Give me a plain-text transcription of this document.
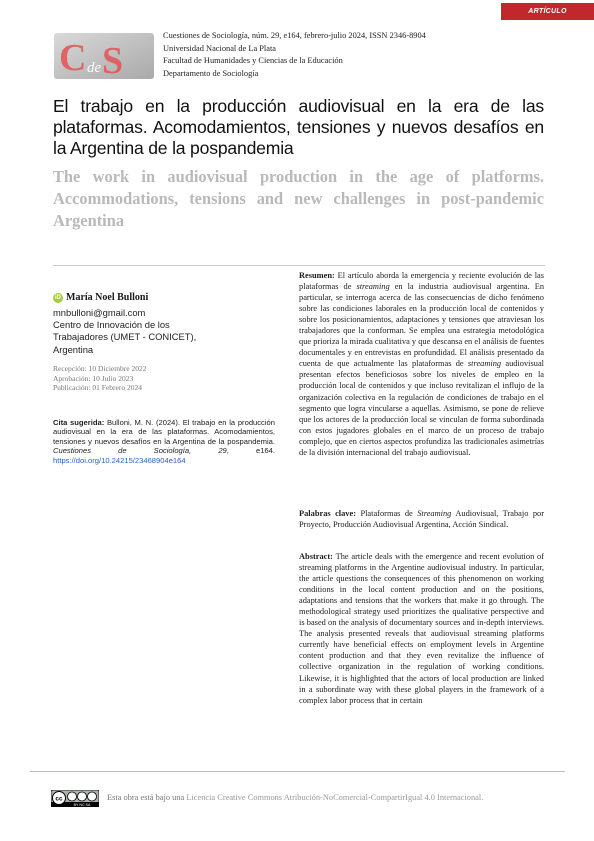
ARTÍCULO
C S
de
Cuestiones de Sociología, núm. 29, e164, febrero-julio 2024, ISSN 2346-8904
Universidad Nacional de La Plata
Facultad de Humanidades y Ciencias de la Educación
Departamento de Sociología
El trabajo en la producción audiovisual en la era de las plataformas. Acomodamientos, tensiones y nuevos desafíos en la Argentina de la pospandemia
The work in audiovisual production in the age of platforms. Accommodations, tensions and new challenges in post-pandemic Argentina
iD María Noel Bulloni
mnbulloni@gmail.com
Centro de Innovación de los
Trabajadores (UMET - CONICET),
Argentina
Recepción: 10 Diciembre 2022
Aprobación: 10 Julio 2023
Publicación: 01 Febrero 2024
Cita sugerida: Bulloni, M. N. (2024). El trabajo en la producción audiovisual en la era de las plataformas. Acomodamientos, tensiones y nuevos desafíos en la Argentina de la pospandemia. Cuestiones de Sociología, 29, e164. https://doi.org/10.24215/23468904e164
Resumen: El artículo aborda la emergencia y reciente evolución de las plataformas de streaming en la industria audiovisual argentina. En particular, se interroga acerca de las consecuencias de dicho fenómeno sobre las condiciones laborales en la producción local de contenidos y sobre los posicionamientos, adaptaciones y tensiones que atraviesan los trabajadores que la conforman. Se emplea una estrategia metodológica que prioriza la mirada cualitativa y que descansa en el análisis de fuentes documentales y en entrevistas en profundidad. El análisis presentado da cuenta de que actualmente las plataformas de streaming audiovisual presentan efectos beneficiosos sobre los niveles de empleo en la producción local de contenidos y que incluso revitalizan el influjo de la organización colectiva en la regulación de condiciones de trabajo en el segmento que logra vincularse a aquellas. Asimismo, se pone de relieve que los actores de la producción local se vinculan de forma subordinada con estos jugadores globales en el marco de un proceso de trabajo complejo, que en ciertos aspectos profundiza las tradicionales asimetrías de la división internacional del trabajo audiovisual.
Palabras clave: Plataformas de Streaming Audiovisual, Trabajo por Proyecto, Producción Audiovisual Argentina, Acción Sindical.
Abstract: The article deals with the emergence and recent evolution of streaming platforms in the Argentine audiovisual industry. In particular, the article questions the consequences of this phenomenon on working conditions in the local content production and on the positions, adaptations and tensions that the workers that make it go through. The methodological strategy used prioritizes the qualitative perspective and is based on the analysis of documentary sources and in-depth interviews. The analysis presented reveals that audiovisual streaming platforms currently have beneficial effects on employment levels in Argentine content production and that they even revitalize the influence of collective organization in the regulation of working conditions. Likewise, it is highlighted that the actors of local production are linked in a subordinate way with these global players in the framework of a complex labor process that in certain
cc
BY NC SA
Esta obra está bajo una Licencia Creative Commons Atribución-NoComercial-CompartirIgual 4.0 Internacional.
